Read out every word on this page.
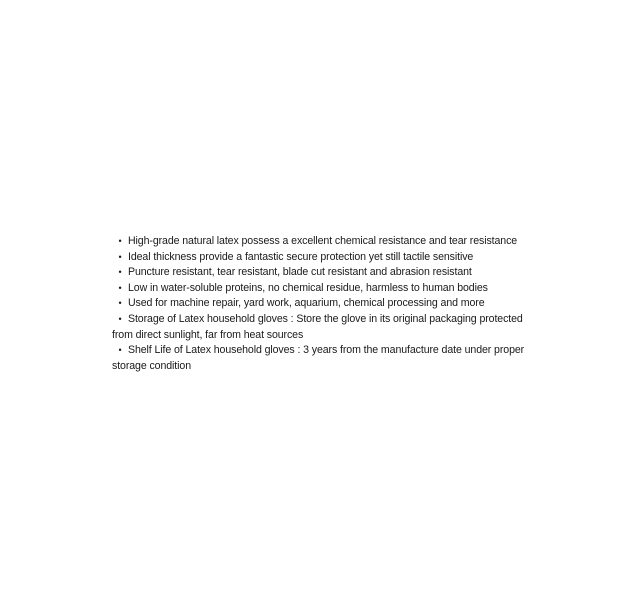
• High-grade natural latex possess a excellent chemical resistance and tear resistance

• Ideal thickness provide a fantastic secure protection yet still tactile sensitive

• Puncture resistant, tear resistant, blade cut resistant and abrasion resistant

• Low in water-soluble proteins, no chemical residue, harmless to human bodies

• Used for machine repair, yard work, aquarium, chemical processing and more

• Storage of Latex household gloves : Store the glove in its original packaging protected from direct sunlight, far from heat sources

• Shelf Life of Latex household gloves : 3 years from the manufacture date under proper storage condition
